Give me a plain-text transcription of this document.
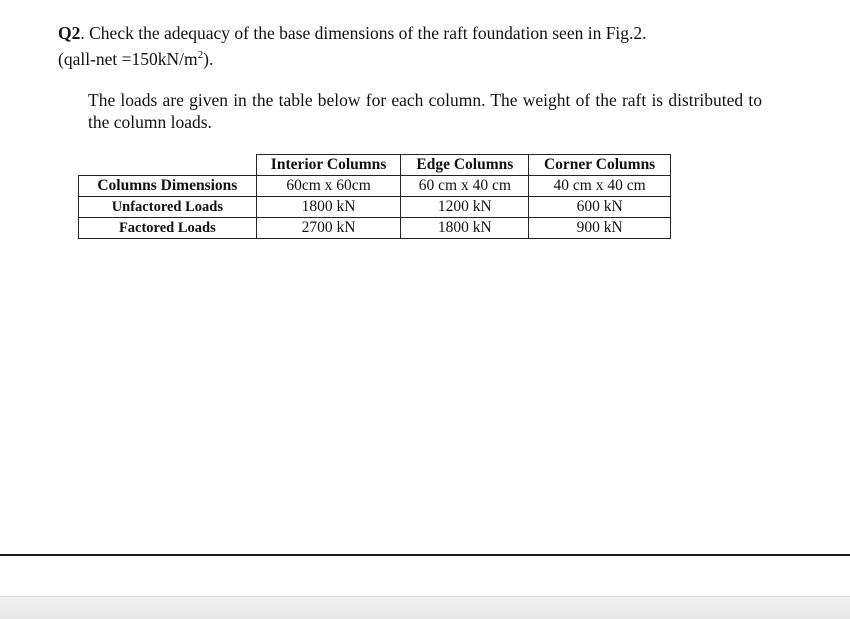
Q2. Check the adequacy of the base dimensions of the raft foundation seen in Fig.2.
(qall-net $=150kN/m^2$).
The loads are given in the table below for each column. The weight of the raft is distributed to the column loads.
	Interior Columns	Edge Columns	Corner Columns
Columns Dimensions	60cm x 60cm	60 cm x 40 cm	40 cm x 40 cm
Unfactored Loads	1800 kN	1200 kN	600 kN
Factored Loads	2700 kN	1800 kN	900 kN
